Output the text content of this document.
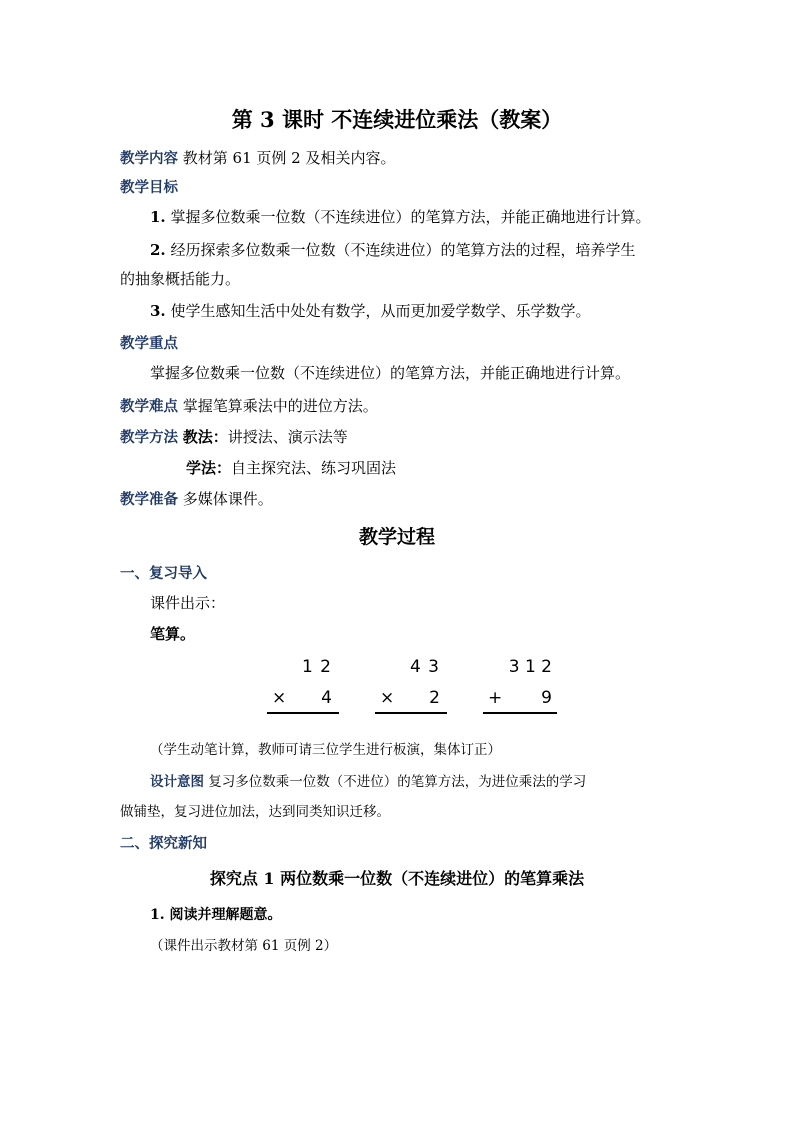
第 3 课时 不连续进位乘法（教案）
教学内容 教材第 61 页例 2 及相关内容。
教学目标
1. 掌握多位数乘一位数（不连续进位）的笔算方法，并能正确地进行计算。
2. 经历探索多位数乘一位数（不连续进位）的笔算方法的过程，培养学生
的抽象概括能力。
3. 使学生感知生活中处处有数学，从而更加爱学数学、乐学数学。
教学重点
掌握多位数乘一位数（不连续进位）的笔算方法，并能正确地进行计算。
教学难点 掌握笔算乘法中的进位方法。
教学方法 教法：讲授法、演示法等
学法：自主探究法、练习巩固法
教学准备 多媒体课件。
教学过程
一、复习导入
课件出示：
笔算。
1 2
×	4
4 3
×	2
3 1 2
+	9
（学生动笔计算，教师可请三位学生进行板演，集体订正）
设计意图 复习多位数乘一位数（不进位）的笔算方法，为进位乘法的学习
做铺垫，复习进位加法，达到同类知识迁移。
二、探究新知
探究点 1 两位数乘一位数（不连续进位）的笔算乘法
1. 阅读并理解题意。
（课件出示教材第 61 页例 2）
